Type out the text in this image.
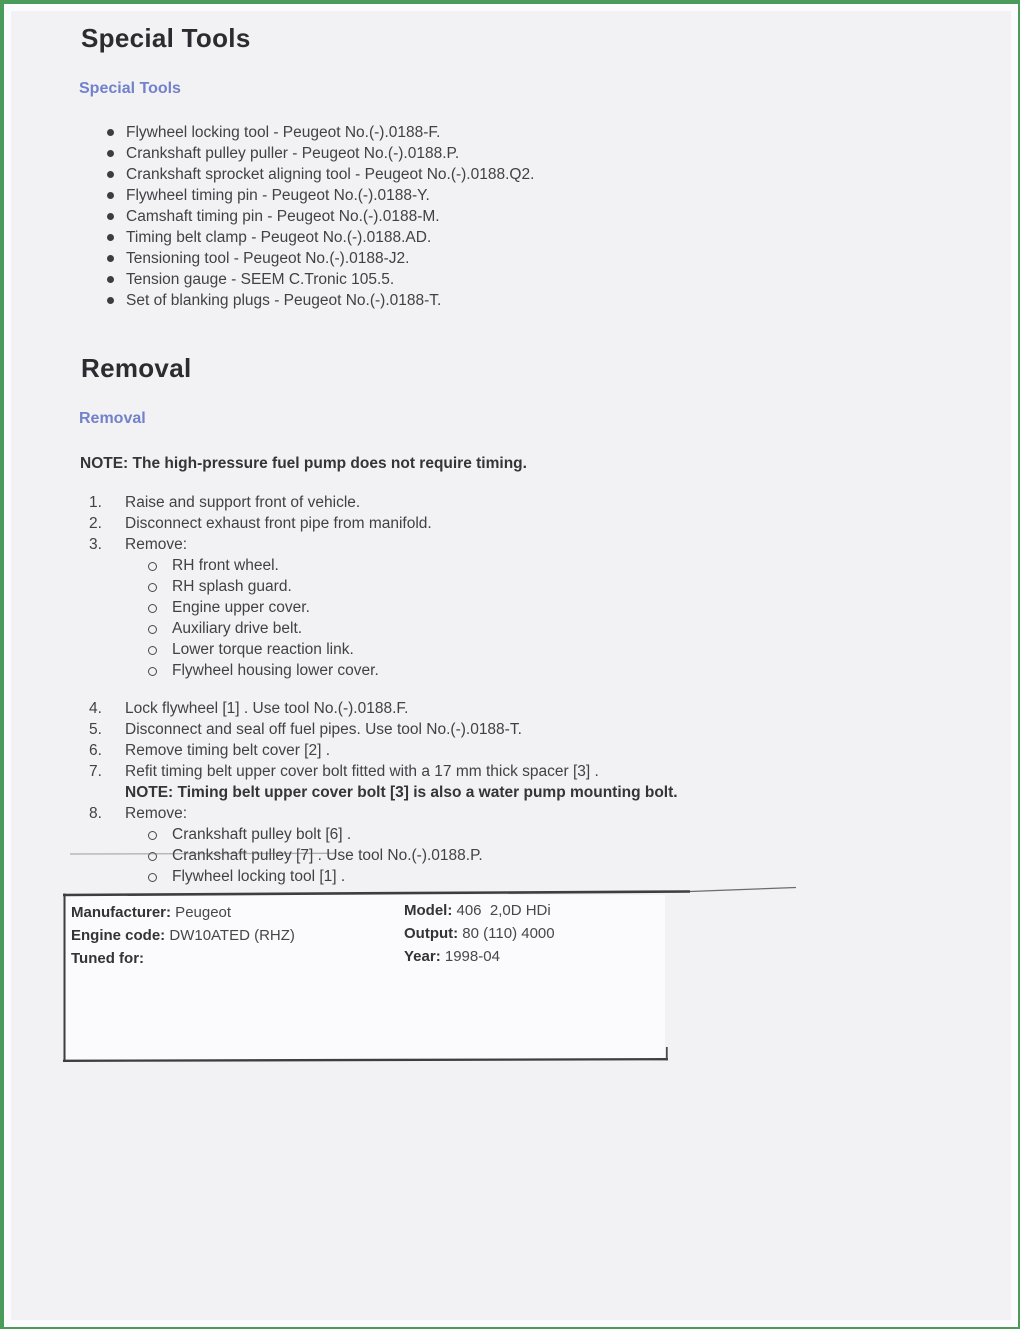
Special Tools
Special Tools
Flywheel locking tool - Peugeot No.(-).0188-F.
Crankshaft pulley puller - Peugeot No.(-).0188.P.
Crankshaft sprocket aligning tool - Peugeot No.(-).0188.Q2.
Flywheel timing pin - Peugeot No.(-).0188-Y.
Camshaft timing pin - Peugeot No.(-).0188-M.
Timing belt clamp - Peugeot No.(-).0188.AD.
Tensioning tool - Peugeot No.(-).0188-J2.
Tension gauge - SEEM C.Tronic 105.5.
Set of blanking plugs - Peugeot No.(-).0188-T.
Removal
Removal
NOTE: The high-pressure fuel pump does not require timing.
1. Raise and support front of vehicle.
2. Disconnect exhaust front pipe from manifold.
3. Remove:
RH front wheel.
RH splash guard.
Engine upper cover.
Auxiliary drive belt.
Lower torque reaction link.
Flywheel housing lower cover.
4. Lock flywheel [1] . Use tool No.(-).0188.F.
5. Disconnect and seal off fuel pipes. Use tool No.(-).0188-T.
6. Remove timing belt cover [2] .
7. Refit timing belt upper cover bolt fitted with a 17 mm thick spacer [3] .
NOTE: Timing belt upper cover bolt [3] is also a water pump mounting bolt.
8. Remove:
Crankshaft pulley bolt [6] .
Crankshaft pulley [7] . Use tool No.(-).0188.P.
Flywheel locking tool [1] .
Manufacturer: Peugeot
Engine code: DW10ATED (RHZ)
Tuned for:
Model: 406  2,0D HDi
Output: 80 (110) 4000
Year: 1998-04
